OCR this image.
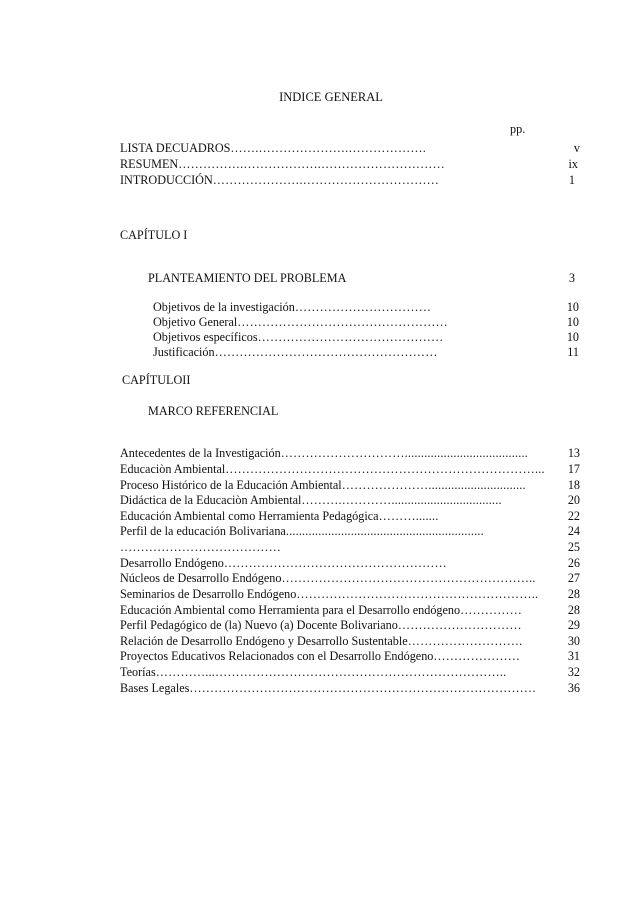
INDICE GENERAL
pp.
LISTA DECUADROS…….………………….……………….	v
RESUMEN…………….……………….…………………………	ix
INTRODUCCIÓN………………….……………………………	1
CAPÍTULO I
PLANTEAMIENTO DEL PROBLEMA	3
Objetivos de la investigación……………………………	10
Objetivo General……………………………………………	10
Objetivos específicos………………………………………	10
Justificación………………………………………………	11
CAPÍTULOII
MARCO REFERENCIAL
Antecedentes de la Investigación…………………………......................................	13
Educaciòn Ambiental…………………………………………………………………...	17
Proceso Histórico de la Educación Ambiental…………………..............................	18
Didáctica de la Educaciòn Ambiental……….…………..................................	20
Educación Ambiental como Herramienta Pedagógica……….......	22
Perfil de la educación Bolivariana.............................................................	24
…………………………………	25
Desarrollo Endógeno………………………………………………	26
Núcleos de Desarrollo Endógeno……………………………………………………..	27
Seminarios de Desarrollo Endógeno…………………………………………………..	28
Educación Ambiental como Herramienta para el Desarrollo endógeno……………	28
Perfil Pedagógico de (la) Nuevo (a) Docente Bolivariano…………………………	29
Relación de Desarrollo Endógeno y Desarrollo Sustentable……………………….	30
Proyectos Educativos Relacionados con el Desarrollo Endógeno…………………	31
Teorías…………...……………………………………………………………..	32
Bases Legales…………………………………………………………………………	36
